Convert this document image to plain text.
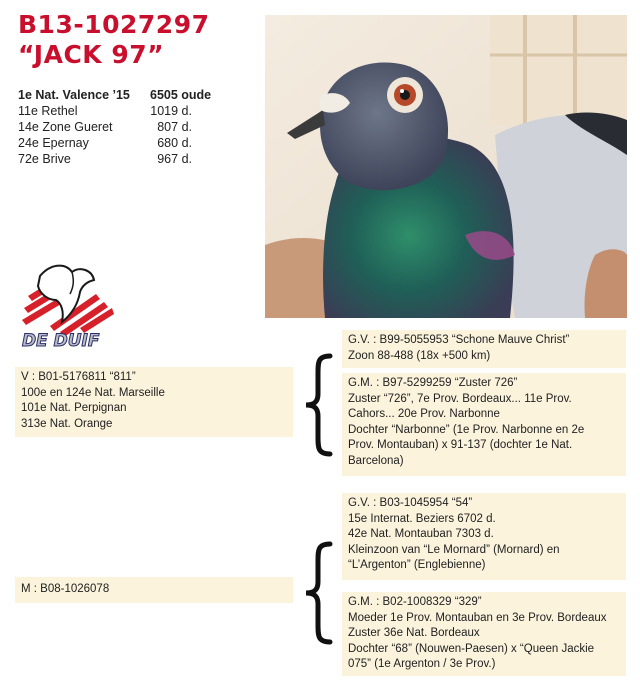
B13-1027297
“JACK 97”
1e Nat. Valence ’15	6505 oude
11e Rethel	1019 d.
14e Zone Gueret	807 d.
24e Epernay	680 d.
72e Brive	967 d.
DE DUIF
V : B01-5176811 “811”
100e en 124e Nat. Marseille
101e Nat. Perpignan
313e Nat. Orange
M : B08-1026078
G.V. : B99-5055953 “Schone Mauve Christ”
Zoon 88-488 (18x +500 km)
G.M. : B97-5299259 “Zuster 726”
Zuster “726”, 7e Prov. Bordeaux... 11e Prov.
Cahors... 20e Prov. Narbonne
Dochter “Narbonne” (1e Prov. Narbonne en 2e
Prov. Montauban) x 91-137 (dochter 1e Nat.
Barcelona)
G.V. : B03-1045954 “54”
15e Internat. Beziers 6702 d.
42e Nat. Montauban 7303 d.
Kleinzoon van “Le Mornard” (Mornard) en
“L’Argenton” (Englebienne)
G.M. : B02-1008329 “329”
Moeder 1e Prov. Montauban en 3e Prov. Bordeaux
Zuster 36e Nat. Bordeaux
Dochter “68” (Nouwen-Paesen) x “Queen Jackie
075” (1e Argenton / 3e Prov.)
